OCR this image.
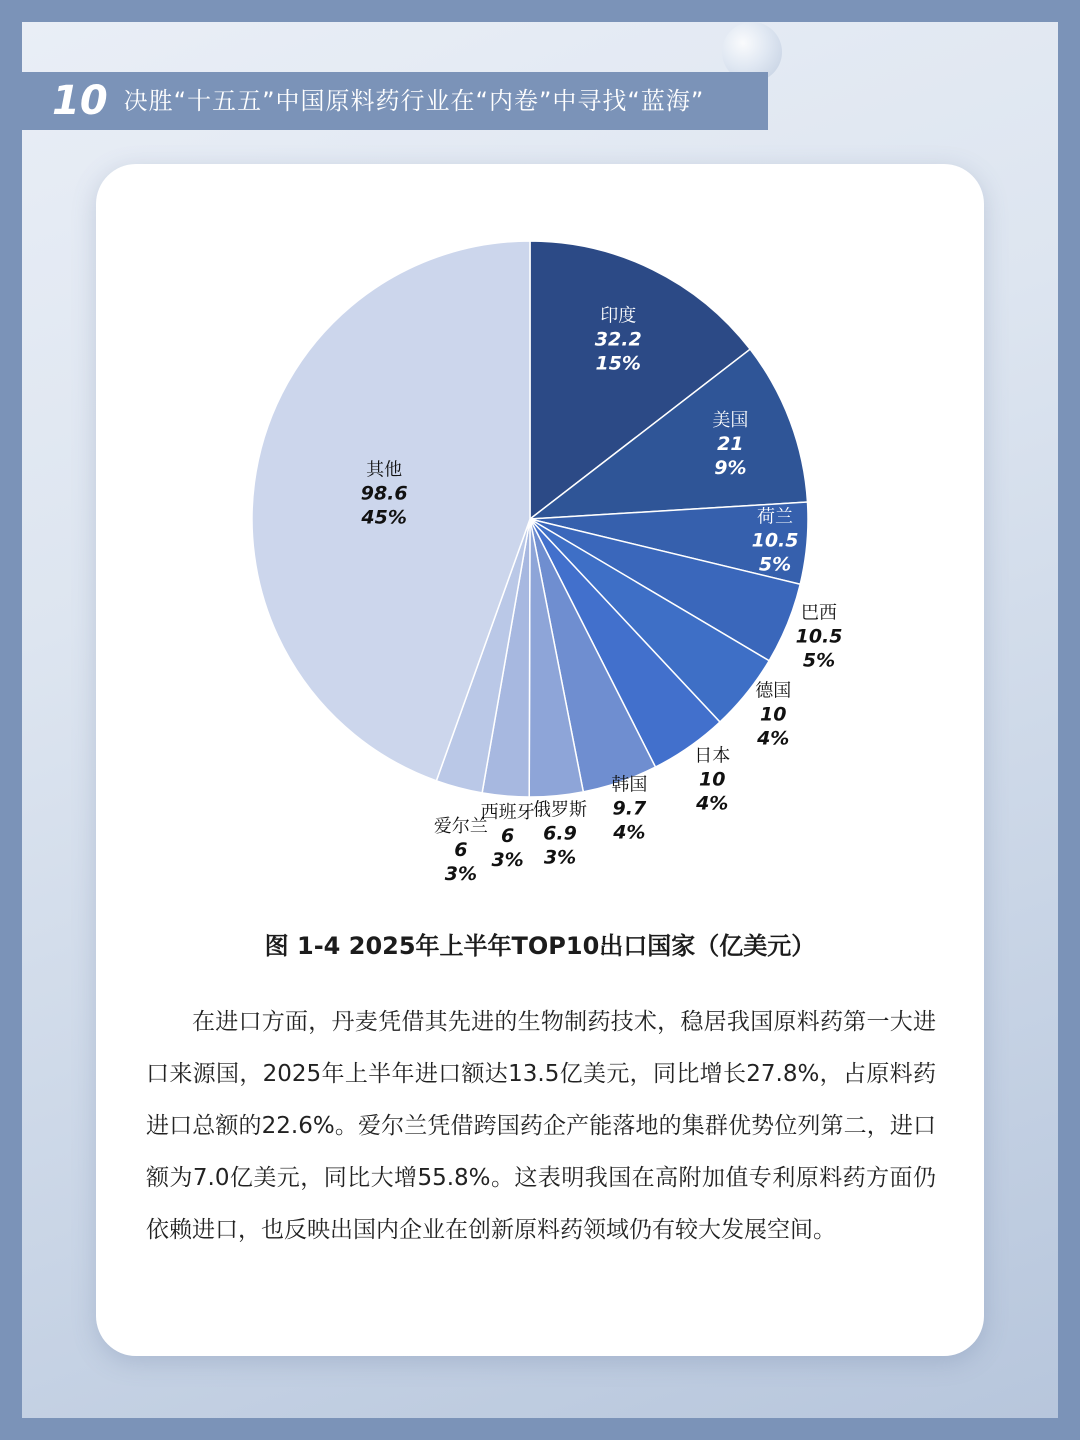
10 决胜“十五五”中国原料药行业在“内卷”中寻找“蓝海”
印度
32.2
15%
美国
21
9%
荷兰
10.5
5%
巴西
10.5
5%
德国
10
4%
日本
10
4%
韩国
9.7
4%
俄罗斯
6.9
3%
西班牙
6
3%
爱尔兰
6
3%
其他
98.6
45%
图 1-4 2025年上半年TOP10出口国家（亿美元）
在进口方面，丹麦凭借其先进的生物制药技术，稳居我国原料药第一大进口来源国，2025年上半年进口额达13.5亿美元，同比增长27.8%，占原料药进口总额的22.6%。爱尔兰凭借跨国药企产能落地的集群优势位列第二，进口额为7.0亿美元，同比大增55.8%。这表明我国在高附加值专利原料药方面仍依赖进口，也反映出国内企业在创新原料药领域仍有较大发展空间。
